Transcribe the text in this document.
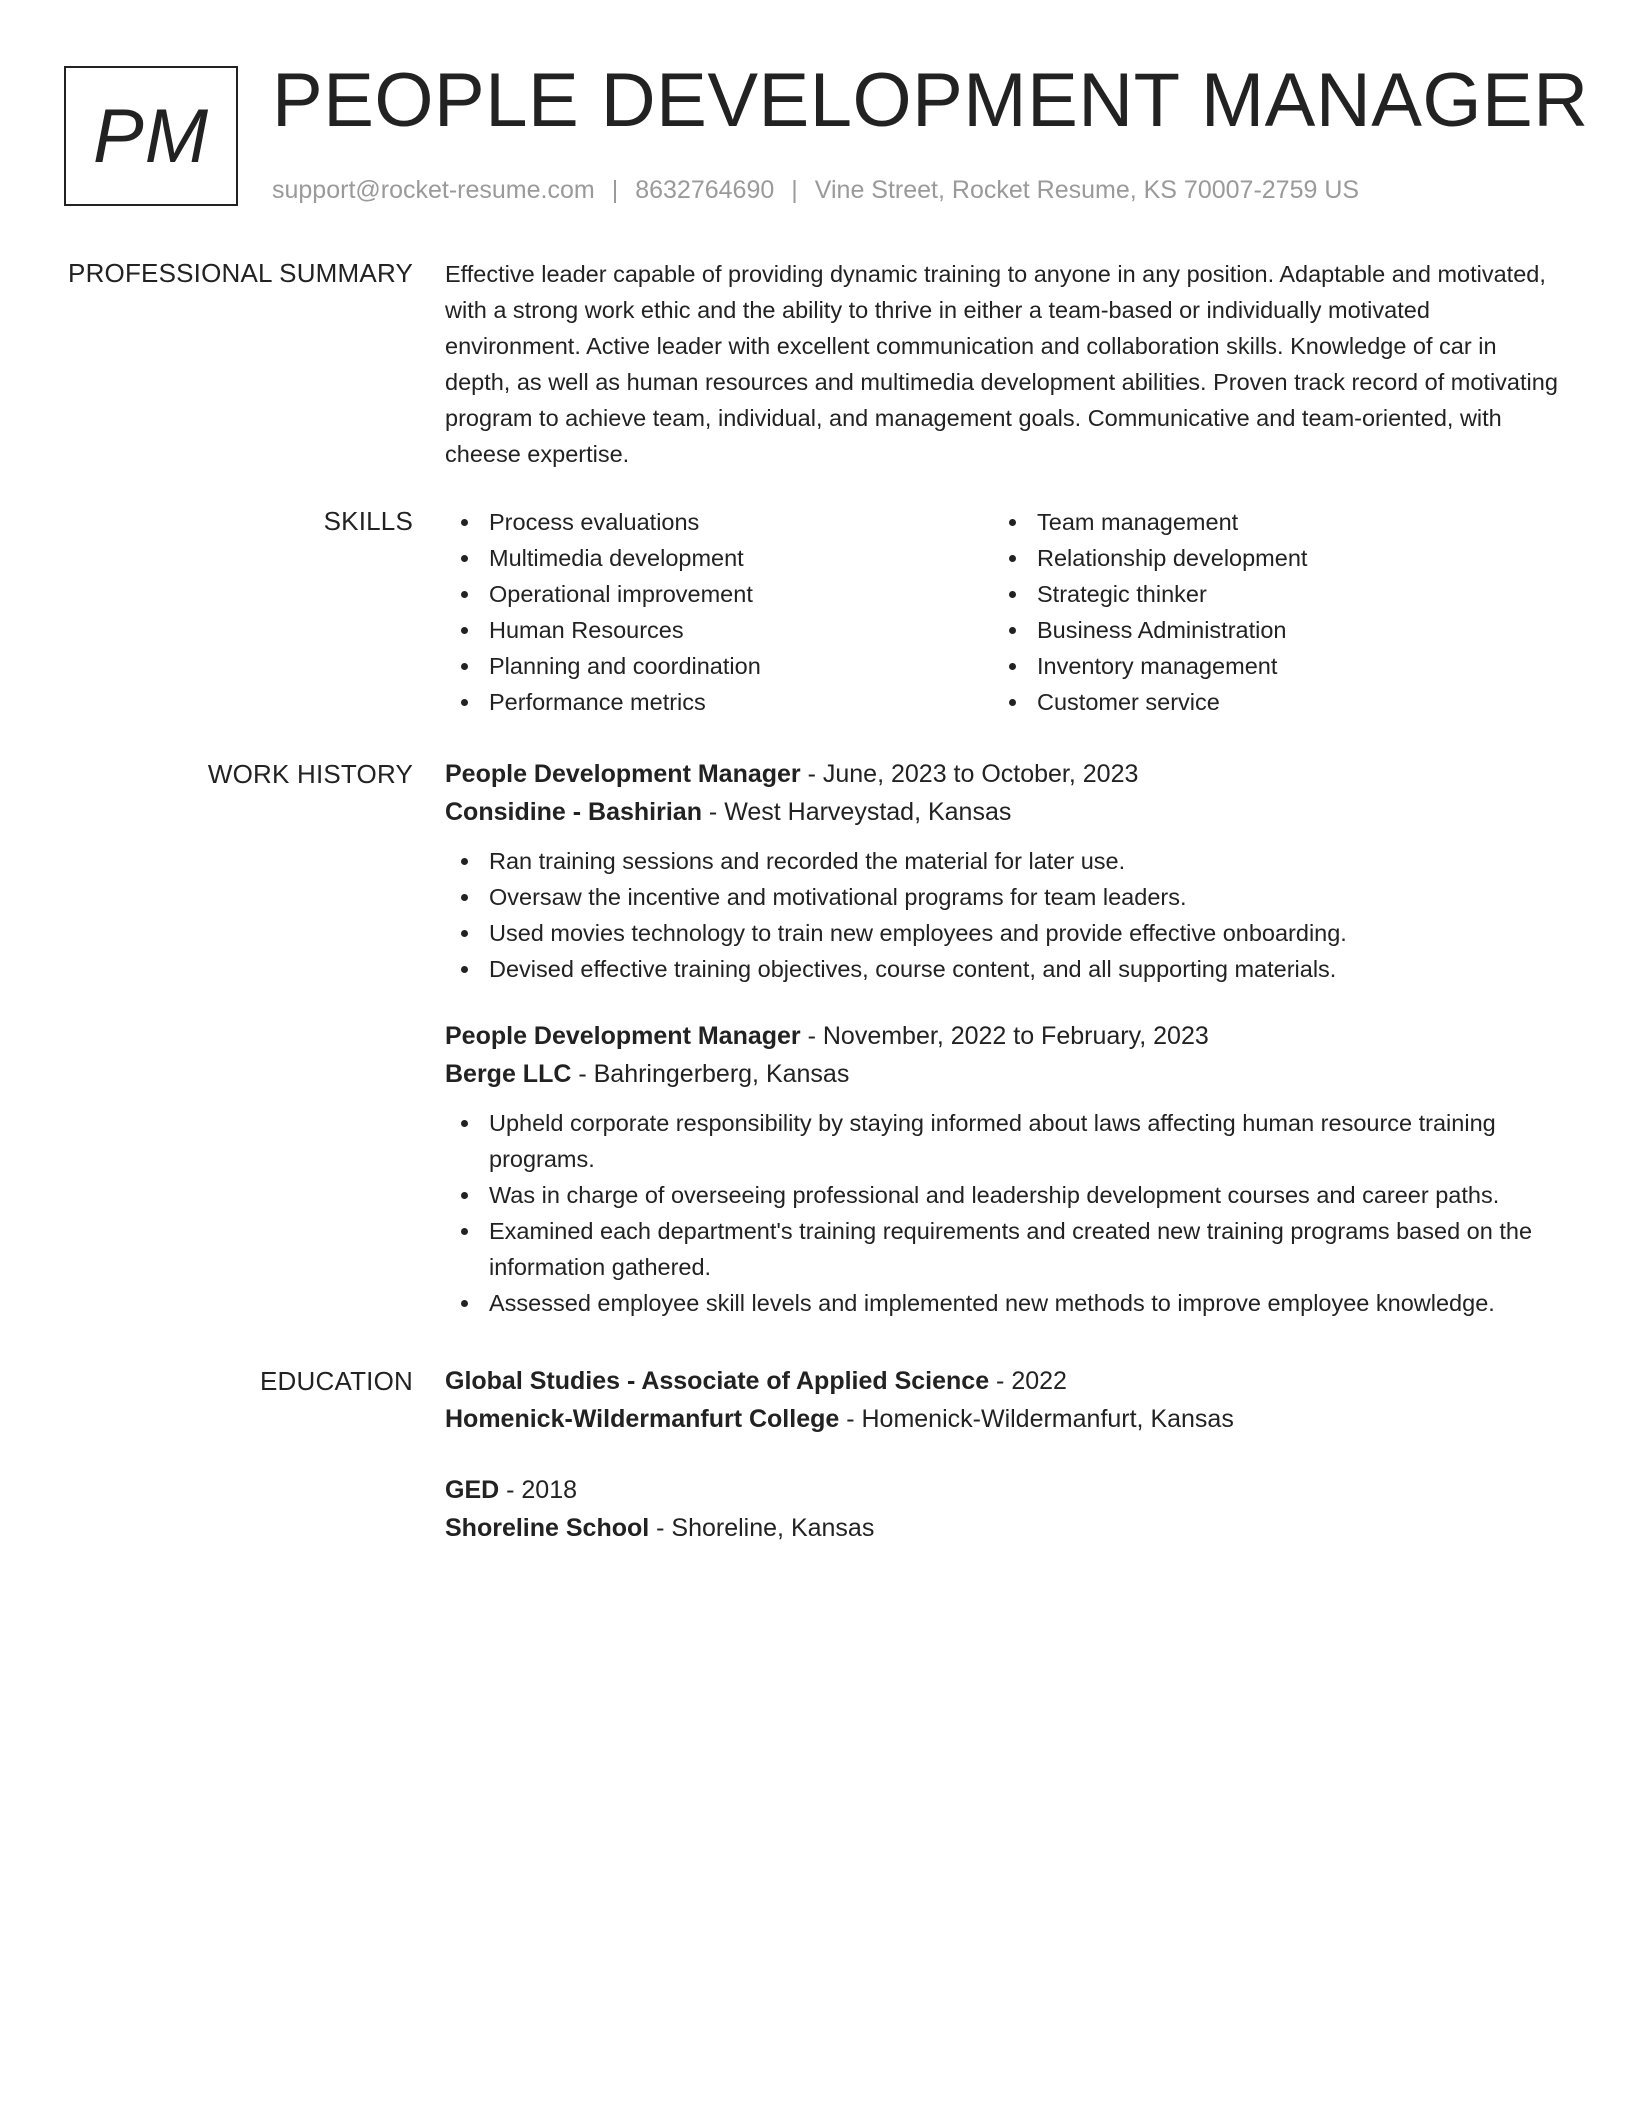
PM PEOPLE DEVELOPMENT MANAGER
support@rocket-resume.com | 8632764690 | Vine Street, Rocket Resume, KS 70007-2759 US
PROFESSIONAL SUMMARY Effective leader capable of providing dynamic training to anyone in any position. Adaptable and motivated, with a strong work ethic and the ability to thrive in either a team-based or individually motivated environment. Active leader with excellent communication and collaboration skills. Knowledge of car in depth, as well as human resources and multimedia development abilities. Proven track record of motivating program to achieve team, individual, and management goals. Communicative and team-oriented, with cheese expertise.

SKILLS	Process evaluations
Multimedia development
Operational improvement
Human Resources
Planning and coordination
Performance metrics
Team management
Relationship development
Strategic thinker
Business Administration
Inventory management
Customer service
WORK HISTORY People Development Manager - June, 2023 to October, 2023
Considine - Bashirian - West Harveystad, Kansas
Ran training sessions and recorded the material for later use.
Oversaw the incentive and motivational programs for team leaders.
Used movies technology to train new employees and provide effective onboarding.
Devised effective training objectives, course content, and all supporting materials.
People Development Manager - November, 2022 to February, 2023
Berge LLC - Bahringerberg, Kansas
Upheld corporate responsibility by staying informed about laws affecting human resource training programs.
Was in charge of overseeing professional and leadership development courses and career paths.
Examined each department's training requirements and created new training programs based on the information gathered.
Assessed employee skill levels and implemented new methods to improve employee knowledge.
EDUCATION Global Studies - Associate of Applied Science - 2022
Homenick-Wildermanfurt College - Homenick-Wildermanfurt, Kansas
GED - 2018
Shoreline School - Shoreline, Kansas
